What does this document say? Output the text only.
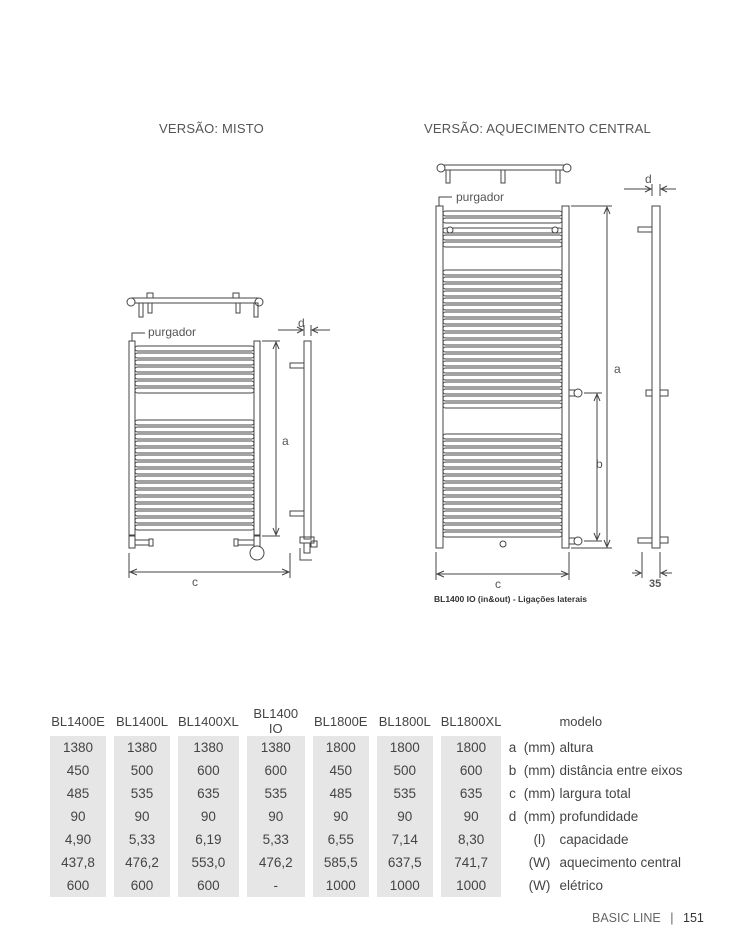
VERSÃO: MISTO	VERSÃO: AQUECIMENTO CENTRAL
purgador
a
c
d
purgador
a
b
c
d
35
BL1400 IO (in&out) - Ligações laterais
BL1400E		BL1400L		BL1400XL		BL1400 IO		BL1800E		BL1800L		BL1800XL			modelo
1380		1380		1380		1380		1800		1800		1800	a	(mm)	altura
450		500		600		600		450		500		600	b	(mm)	distância entre eixos
485		535		635		535		485		535		635	c	(mm)	largura total
90		90		90		90		90		90		90	d	(mm)	profundidade
4,90		5,33		6,19		5,33		6,55		7,14		8,30		(l)	capacidade
437,8		476,2		553,0		476,2		585,5		637,5		741,7		(W)	aquecimento central
600		600		600		-		1000		1000		1000		(W)	elétrico
BASIC LINE | 151
